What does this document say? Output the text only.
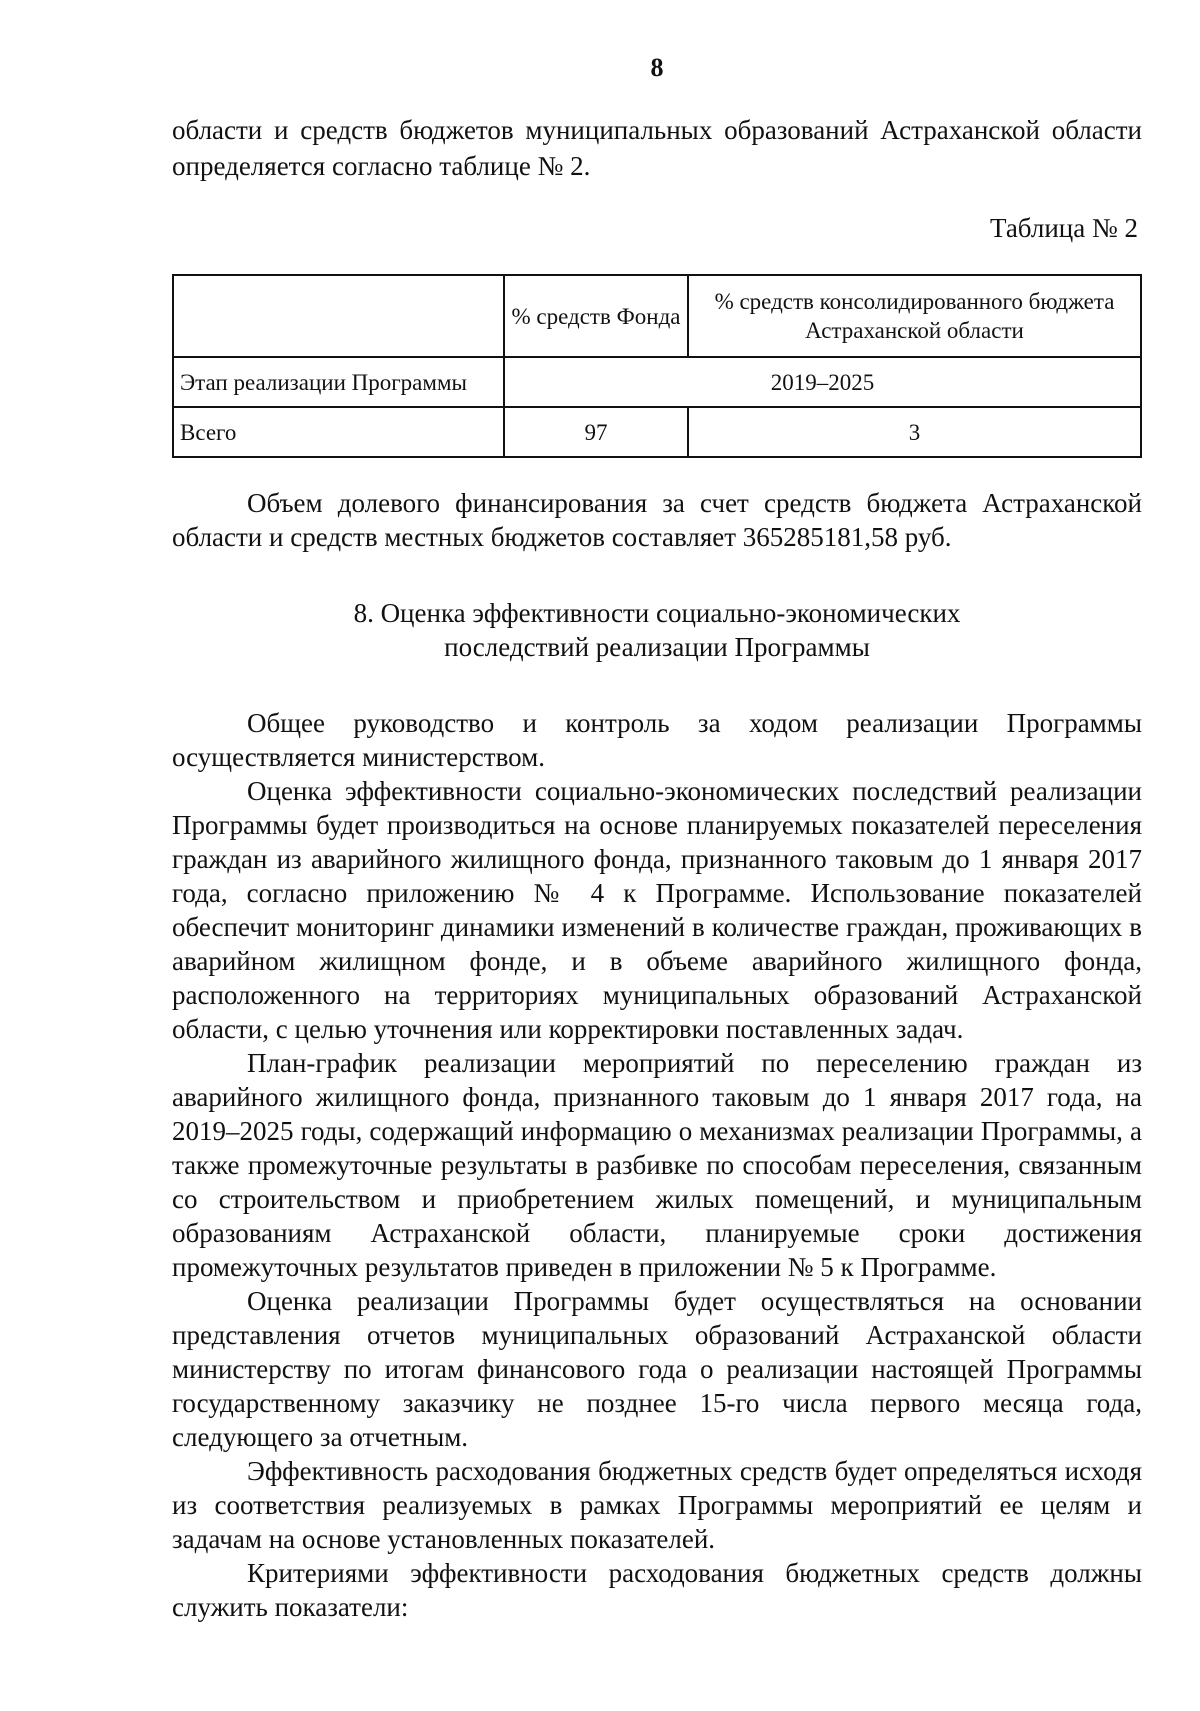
8

области и средств бюджетов муниципальных образований Астраханской области определяется согласно таблице № 2.

Таблица № 2

	% средств Фонда	% средств консолидированного бюджета Астраханской области
Этап реализации Программы	2019–2025	
Всего	97	3

Объем долевого финансирования за счет средств бюджета Астраханской области и средств местных бюджетов составляет 365285181,58 руб.

8. Оценка эффективности социально-экономических
последствий реализации Программы

Общее руководство и контроль за ходом реализации Программы осуществляется министерством.

Оценка эффективности социально-экономических последствий реализации Программы будет производиться на основе планируемых показателей переселения граждан из аварийного жилищного фонда, признанного таковым до 1 января 2017 года, согласно приложению № 4 к Программе. Использование показателей обеспечит мониторинг динамики изменений в количестве граждан, проживающих в аварийном жилищном фонде, и в объеме аварийного жилищного фонда, расположенного на территориях муниципальных образований Астраханской области, с целью уточнения или корректировки поставленных задач.

План-график реализации мероприятий по переселению граждан из аварийного жилищного фонда, признанного таковым до 1 января 2017 года, на 2019–2025 годы, содержащий информацию о механизмах реализации Программы, а также промежуточные результаты в разбивке по способам переселения, связанным со строительством и приобретением жилых помещений, и муниципальным образованиям Астраханской области, планируемые сроки достижения промежуточных результатов приведен в приложении № 5 к Программе.

Оценка реализации Программы будет осуществляться на основании представления отчетов муниципальных образований Астраханской области министерству по итогам финансового года о реализации настоящей Программы государственному заказчику не позднее 15-го числа первого месяца года, следующего за отчетным.

Эффективность расходования бюджетных средств будет определяться исходя из соответствия реализуемых в рамках Программы мероприятий ее целям и задачам на основе установленных показателей.

Критериями эффективности расходования бюджетных средств должны служить показатели:
